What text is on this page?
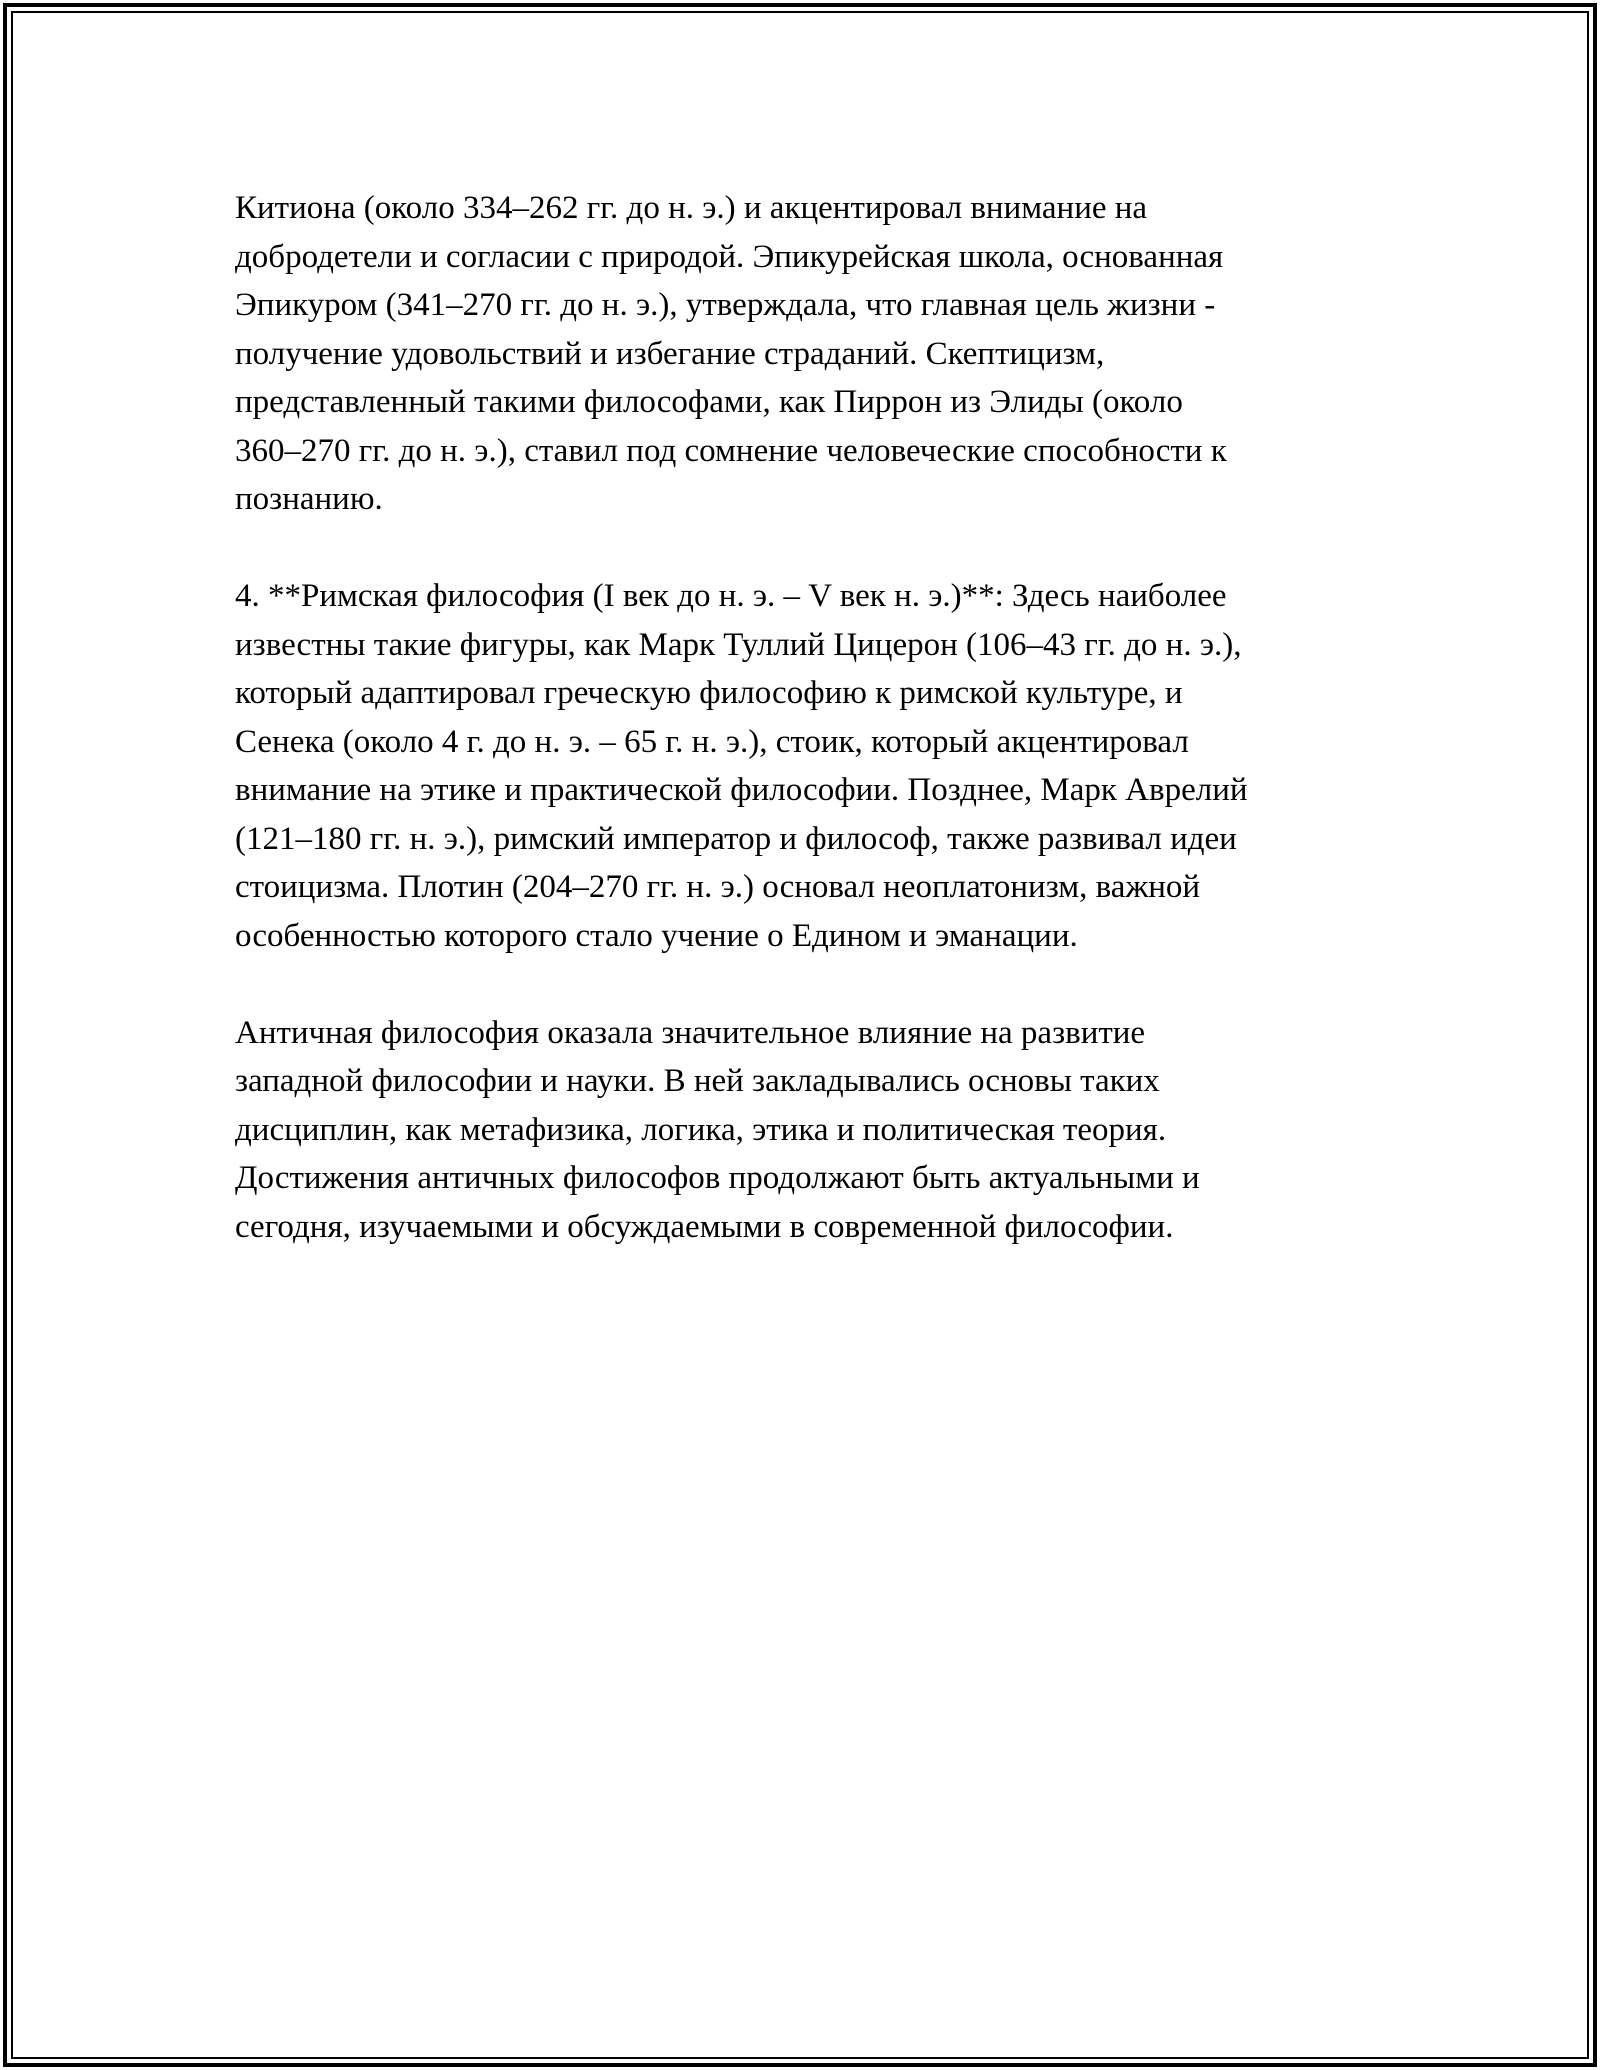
Китиона (около 334–262 гг. до н. э.) и акцентировал внимание на
добродетели и согласии с природой. Эпикурейская школа, основанная
Эпикуром (341–270 гг. до н. э.), утверждала, что главная цель жизни -
получение удовольствий и избегание страданий. Скептицизм,
представленный такими философами, как Пиррон из Элиды (около
360–270 гг. до н. э.), ставил под сомнение человеческие способности к
познанию.

4. **Римская философия (I век до н. э. – V век н. э.)**: Здесь наиболее
известны такие фигуры, как Марк Туллий Цицерон (106–43 гг. до н. э.),
который адаптировал греческую философию к римской культуре, и
Сенека (около 4 г. до н. э. – 65 г. н. э.), стоик, который акцентировал
внимание на этике и практической философии. Позднее, Марк Аврелий
(121–180 гг. н. э.), римский император и философ, также развивал идеи
стоицизма. Плотин (204–270 гг. н. э.) основал неоплатонизм, важной
особенностью которого стало учение о Едином и эманации.

Античная философия оказала значительное влияние на развитие
западной философии и науки. В ней закладывались основы таких
дисциплин, как метафизика, логика, этика и политическая теория.
Достижения античных философов продолжают быть актуальными и
сегодня, изучаемыми и обсуждаемыми в современной философии.
